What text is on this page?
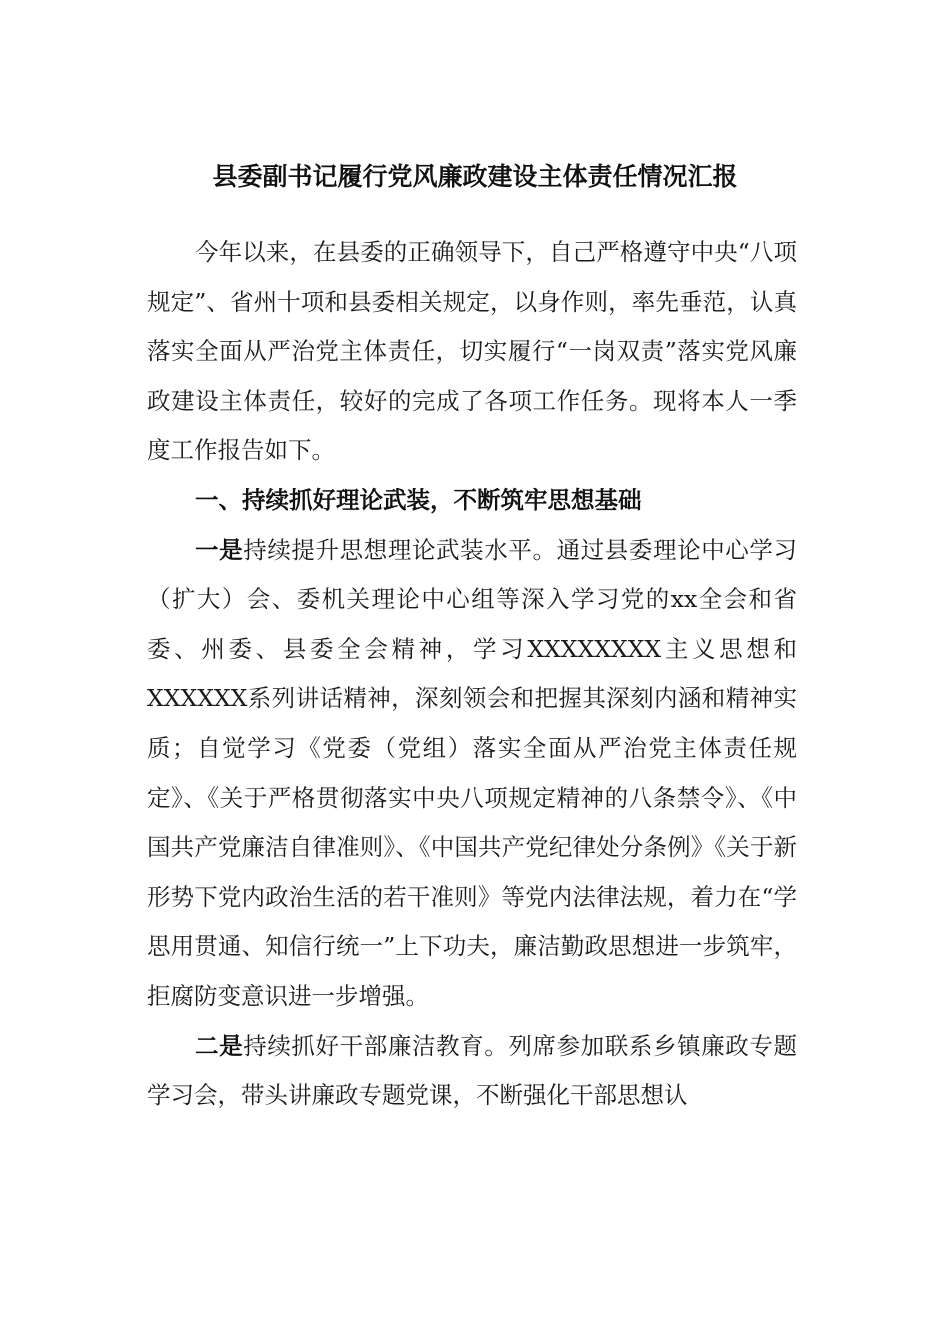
县委副书记履行党风廉政建设主体责任情况汇报

今年以来，在县委的正确领导下，自己严格遵守中央“八项规定”、省州十项和县委相关规定，以身作则，率先垂范，认真落实全面从严治党主体责任，切实履行“一岗双责”落实党风廉政建设主体责任，较好的完成了各项工作任务。现将本人一季度工作报告如下。

一、持续抓好理论武装，不断筑牢思想基础

一是持续提升思想理论武装水平。通过县委理论中心学习（扩大）会、委机关理论中心组等深入学习党的xx全会和省委、州委、县委全会精神，学习XXXXXXXX主义思想和XXXXXX系列讲话精神，深刻领会和把握其深刻内涵和精神实质；自觉学习《党委（党组）落实全面从严治党主体责任规定》、《关于严格贯彻落实中央八项规定精神的八条禁令》、《中国共产党廉洁自律准则》、《中国共产党纪律处分条例》《关于新形势下党内政治生活的若干准则》等党内法律法规，着力在“学思用贯通、知信行统一”上下功夫，廉洁勤政思想进一步筑牢，拒腐防变意识进一步增强。

二是持续抓好干部廉洁教育。列席参加联系乡镇廉政专题学习会，带头讲廉政专题党课，不断强化干部思想认
